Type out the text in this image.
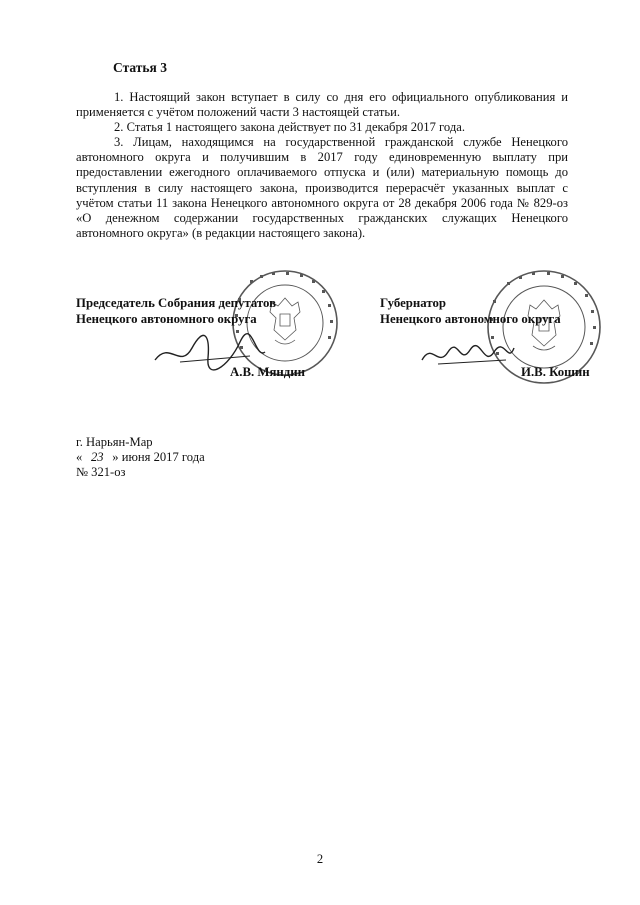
Статья 3

1. Настоящий закон вступает в силу со дня его официального опубликования и применяется с учётом положений части 3 настоящей статьи.

2. Статья 1 настоящего закона действует по 31 декабря 2017 года.

3. Лицам, находящимся на государственной гражданской службе Ненецкого автономного округа и получившим в 2017 году единовременную выплату при предоставлении ежегодного оплачиваемого отпуска и (или) материальную помощь до вступления в силу настоящего закона, производится перерасчёт указанных выплат с учётом статьи 11 закона Ненецкого автономного округа от 28 декабря 2006 года № 829-оз «О денежном содержании государственных гражданских служащих Ненецкого автономного округа» (в редакции настоящего закона).

Председатель Собрания депутатов
Ненецкого автономного округа
А.В. Мяндин
Губернатор
Ненецкого автономного округа
И.В. Кошин
г. Нарьян-Мар
« 23 » июня 2017 года
№ 321-оз
2
